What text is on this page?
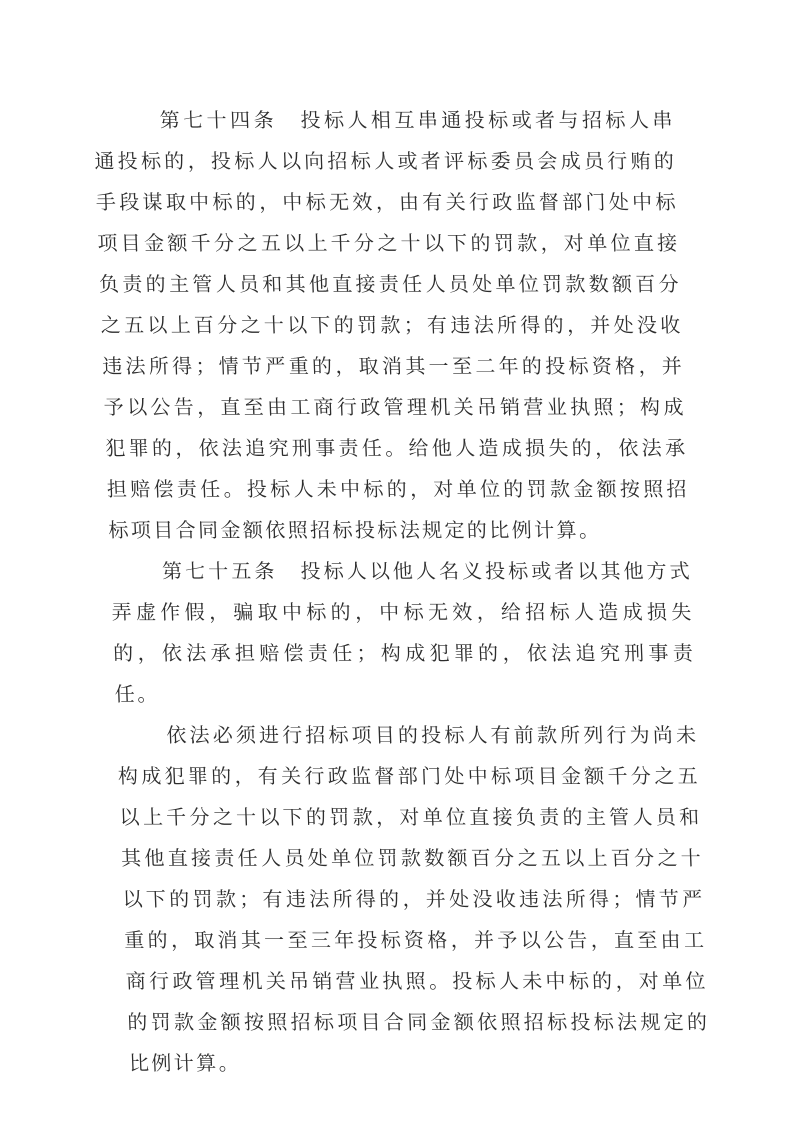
第七十四条　投标人相互串通投标或者与招标人串通投标的，投标人以向招标人或者评标委员会成员行贿的手段谋取中标的，中标无效，由有关行政监督部门处中标项目金额千分之五以上千分之十以下的罚款，对单位直接负责的主管人员和其他直接责任人员处单位罚款数额百分之五以上百分之十以下的罚款；有违法所得的，并处没收违法所得；情节严重的，取消其一至二年的投标资格，并予以公告，直至由工商行政管理机关吊销营业执照；构成犯罪的，依法追究刑事责任。给他人造成损失的，依法承担赔偿责任。投标人未中标的，对单位的罚款金额按照招标项目合同金额依照招标投标法规定的比例计算。

第七十五条　投标人以他人名义投标或者以其他方式弄虚作假，骗取中标的，中标无效，给招标人造成损失的，依法承担赔偿责任；构成犯罪的，依法追究刑事责任。

依法必须进行招标项目的投标人有前款所列行为尚未构成犯罪的，有关行政监督部门处中标项目金额千分之五以上千分之十以下的罚款，对单位直接负责的主管人员和其他直接责任人员处单位罚款数额百分之五以上百分之十以下的罚款；有违法所得的，并处没收违法所得；情节严重的，取消其一至三年投标资格，并予以公告，直至由工商行政管理机关吊销营业执照。投标人未中标的，对单位的罚款金额按照招标项目合同金额依照招标投标法规定的比例计算。
